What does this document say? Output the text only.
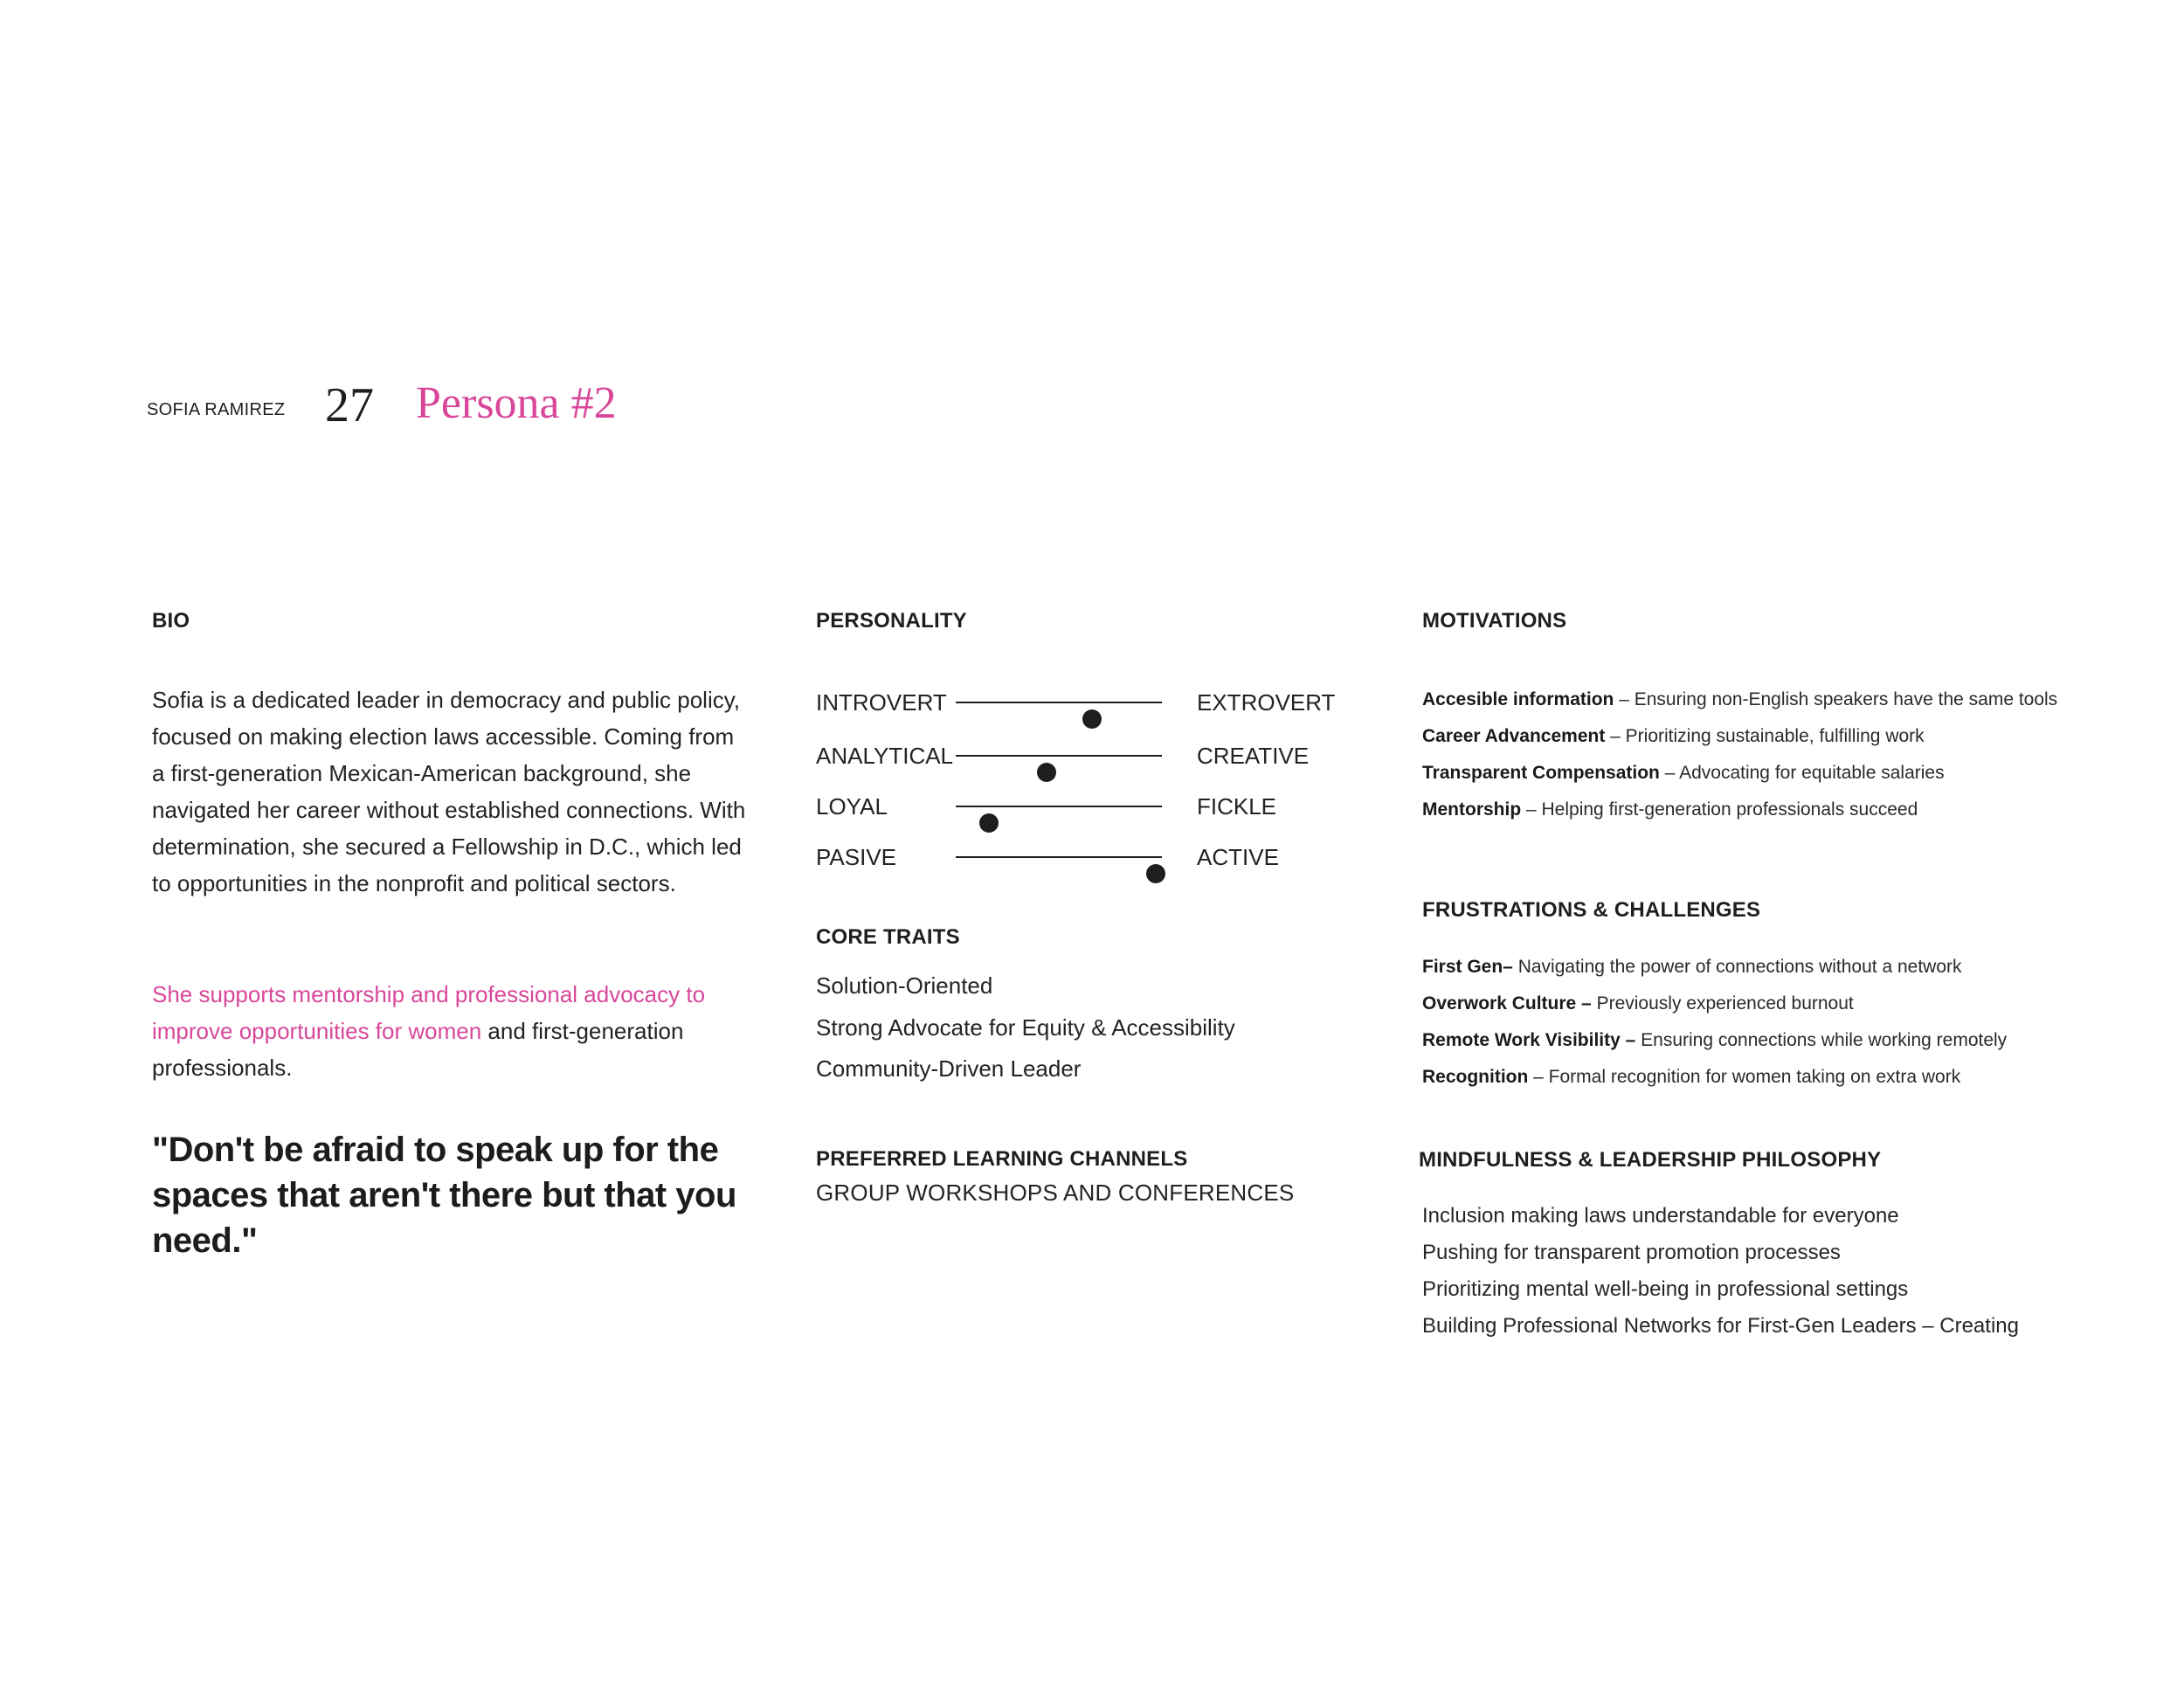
SOFIA RAMIREZ 27 Persona #2
BIO
Sofia is a dedicated leader in democracy and public policy, focused on making election laws accessible. Coming from a first-generation Mexican-American background, she navigated her career without established connections. With determination, she secured a Fellowship in D.C., which led to opportunities in the nonprofit and political sectors.
She supports mentorship and professional advocacy to improve opportunities for women and first-generation professionals.
"Don't be afraid to speak up for the spaces that aren't there but that you need."
PERSONALITY
INTROVERT	EXTROVERT
ANALYTICAL	CREATIVE
LOYAL	FICKLE
PASIVE	ACTIVE
CORE TRAITS
Solution-Oriented
Strong Advocate for Equity & Accessibility
Community-Driven Leader
PREFERRED LEARNING CHANNELS
GROUP WORKSHOPS AND CONFERENCES
MOTIVATIONS
Accesible information – Ensuring non-English speakers have the same tools
Career Advancement – Prioritizing sustainable, fulfilling work
Transparent Compensation – Advocating for equitable salaries
Mentorship – Helping first-generation professionals succeed
FRUSTRATIONS & CHALLENGES
First Gen– Navigating the power of connections without a network
Overwork Culture – Previously experienced burnout
Remote Work Visibility – Ensuring connections while working remotely
Recognition – Formal recognition for women taking on extra work
MINDFULNESS & LEADERSHIP PHILOSOPHY
Inclusion making laws understandable for everyone
Pushing for transparent promotion processes
Prioritizing mental well-being in professional settings
Building Professional Networks for First-Gen Leaders – Creating
